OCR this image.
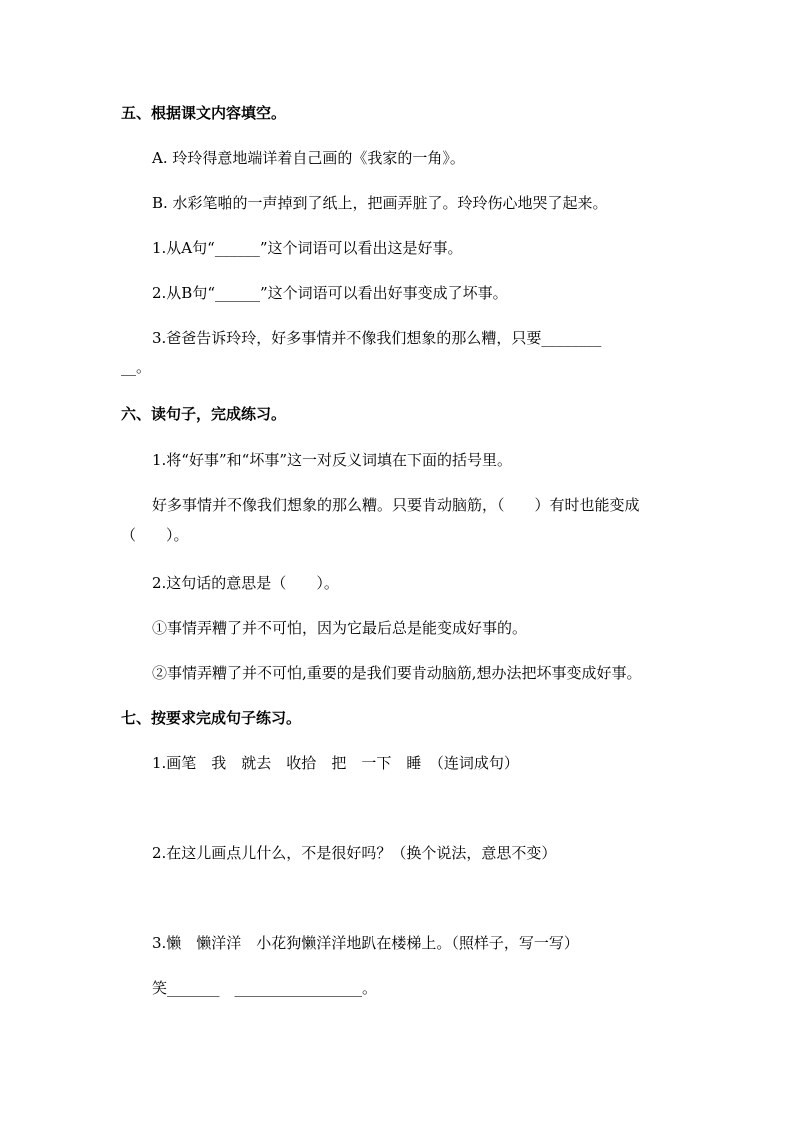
五、根据课文内容填空。
A. 玲玲得意地端详着自己画的《我家的一角》。
B. 水彩笔啪的一声掉到了纸上，把画弄脏了。玲玲伤心地哭了起来。
1.从A句“______”这个词语可以看出这是好事。
2.从B句“______”这个词语可以看出好事变成了坏事。
3.爸爸告诉玲玲，好多事情并不像我们想象的那么糟，只要________
__。
六、读句子，完成练习。
1.将“好事”和“坏事”这一对反义词填在下面的括号里。
好多事情并不像我们想象的那么糟。只要肯动脑筋，（　　）有时也能变成
（　　）。
2.这句话的意思是（　　）。
①事情弄糟了并不可怕，因为它最后总是能变成好事的。
②事情弄糟了并不可怕,重要的是我们要肯动脑筋,想办法把坏事变成好事。
七、按要求完成句子练习。
1.画笔　我　就去　收拾　把　一下　睡　（连词成句）
2.在这儿画点儿什么，不是很好吗？（换个说法，意思不变）
3.懒　懒洋洋　小花狗懒洋洋地趴在楼梯上。（照样子，写一写）
笑_______　_________________。
